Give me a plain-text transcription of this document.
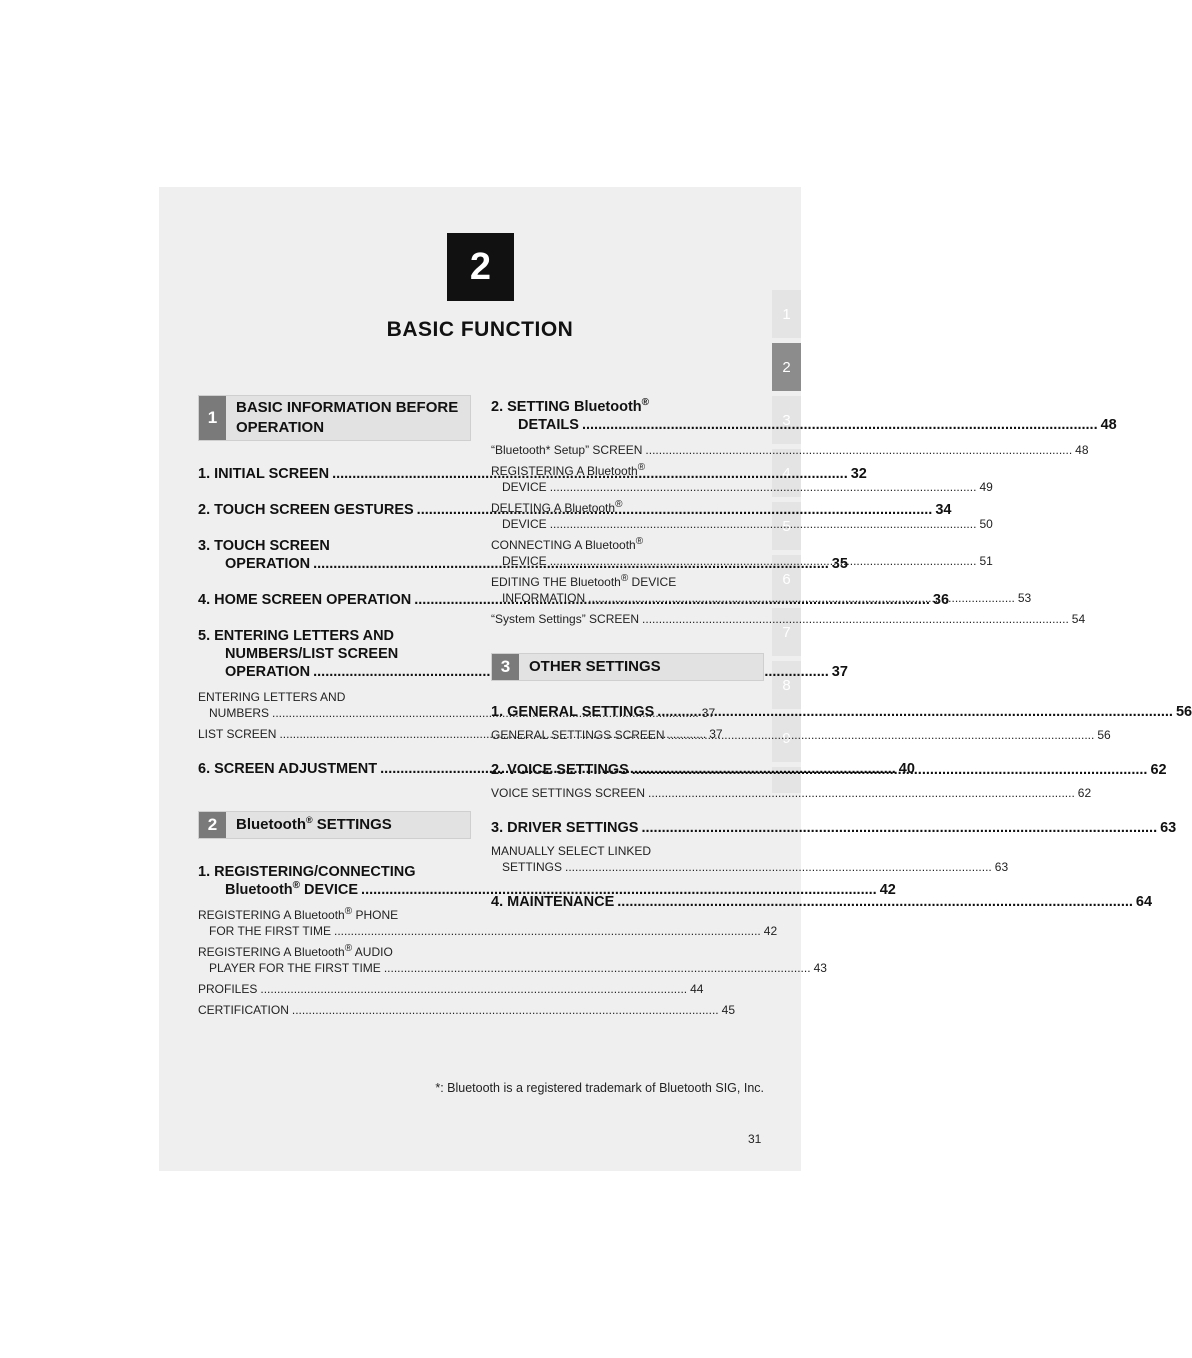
2
BASIC FUNCTION
1
2
3
4
5
6
7
8
9
1
BASIC INFORMATION BEFORE OPERATION
1. INITIAL SCREEN .....	32
2. TOUCH SCREEN GESTURES .....	34
3. TOUCH SCREEN
OPERATION .....	35
4. HOME SCREEN OPERATION .....	36
5. ENTERING LETTERS AND
NUMBERS/LIST SCREEN
OPERATION .....	37
ENTERING LETTERS AND
NUMBERS .....	37
LIST SCREEN .....	37
6. SCREEN ADJUSTMENT .....	40
2	Bluetooth® SETTINGS
1. REGISTERING/CONNECTING
Bluetooth® DEVICE .....	42
REGISTERING A Bluetooth® PHONE
FOR THE FIRST TIME .....	42
REGISTERING A Bluetooth® AUDIO
PLAYER FOR THE FIRST TIME .....	43
PROFILES .....	44
CERTIFICATION .....	45
2. SETTING Bluetooth®
DETAILS .....	48
“Bluetooth* Setup” SCREEN .....	48
REGISTERING A Bluetooth®
DEVICE .....	49
DELETING A Bluetooth®
DEVICE .....	50
CONNECTING A Bluetooth®
DEVICE .....	51
EDITING THE Bluetooth® DEVICE
INFORMATION .....	53
“System Settings” SCREEN .....	54
3	OTHER SETTINGS
1. GENERAL SETTINGS .....	56
GENERAL SETTINGS SCREEN .....	56
2. VOICE SETTINGS .....	62
VOICE SETTINGS SCREEN .....	62
3. DRIVER SETTINGS .....	63
MANUALLY SELECT LINKED
SETTINGS .....	63
4. MAINTENANCE .....	64
*: Bluetooth is a registered trademark of Bluetooth SIG, Inc.
31
